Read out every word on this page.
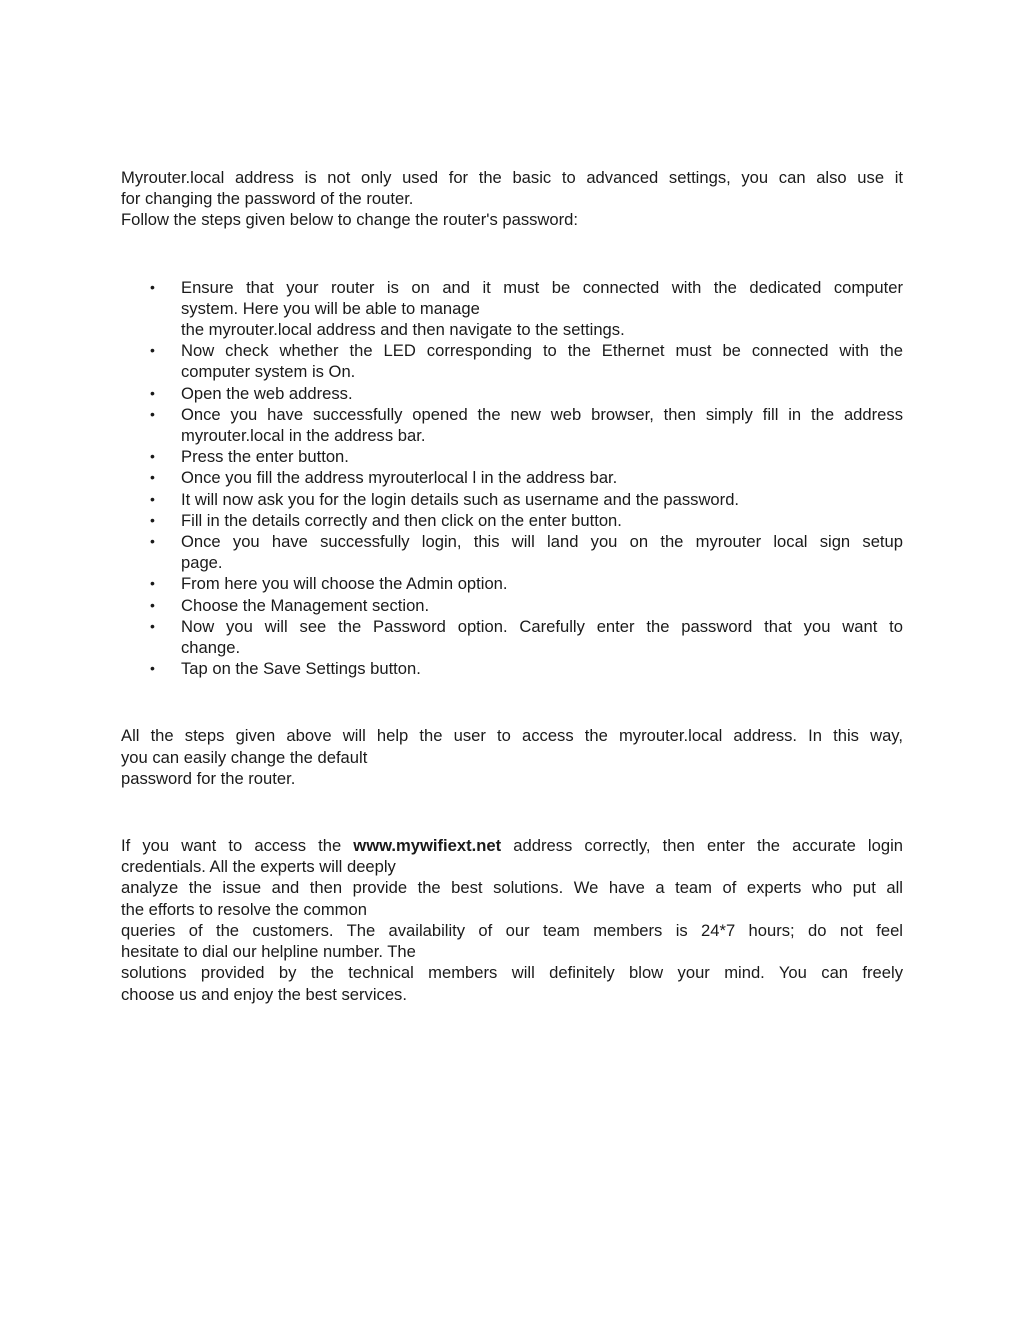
Myrouter.local address is not only used for the basic to advanced settings, you can also use it
for changing the password of the router.
Follow the steps given below to change the router's password:
• Ensure that your router is on and it must be connected with the dedicated computer
system. Here you will be able to manage
the myrouter.local address and then navigate to the settings.
• Now check whether the LED corresponding to the Ethernet must be connected with the
computer system is On.
• Open the web address.
• Once you have successfully opened the new web browser, then simply fill in the address
myrouter.local in the address bar.
• Press the enter button.
• Once you fill the address myrouterlocal l in the address bar.
• It will now ask you for the login details such as username and the password.
• Fill in the details correctly and then click on the enter button.
• Once you have successfully login, this will land you on the myrouter local sign setup
page.
• From here you will choose the Admin option.
• Choose the Management section.
• Now you will see the Password option. Carefully enter the password that you want to
change.
• Tap on the Save Settings button.
All the steps given above will help the user to access the myrouter.local address. In this way,
you can easily change the default
password for the router.
If you want to access the www.mywifiext.net address correctly, then enter the accurate login
credentials. All the experts will deeply
analyze the issue and then provide the best solutions. We have a team of experts who put all
the efforts to resolve the common
queries of the customers. The availability of our team members is 24*7 hours; do not feel
hesitate to dial our helpline number. The
solutions provided by the technical members will definitely blow your mind. You can freely
choose us and enjoy the best services.
